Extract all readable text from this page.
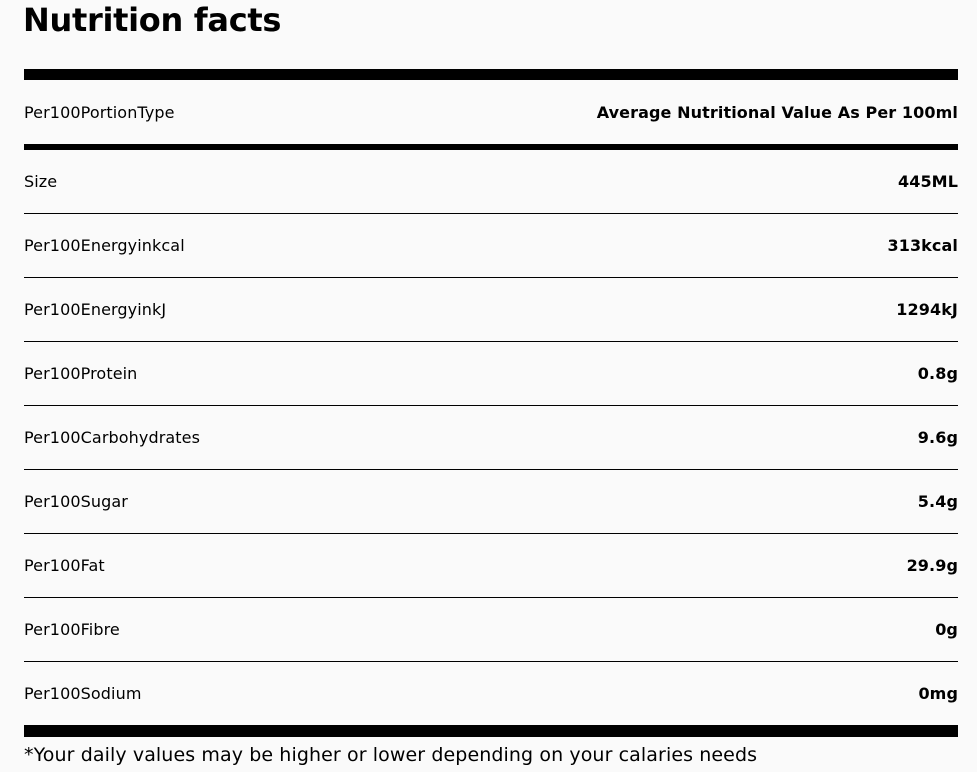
Nutrition facts
Per100PortionType	Average Nutritional Value As Per 100ml
Size	445ML
Per100Energyinkcal	313kcal
Per100EnergyinkJ	1294kJ
Per100Protein	0.8g
Per100Carbohydrates	9.6g
Per100Sugar	5.4g
Per100Fat	29.9g
Per100Fibre	0g
Per100Sodium	0mg
*Your daily values may be higher or lower depending on your calaries needs
